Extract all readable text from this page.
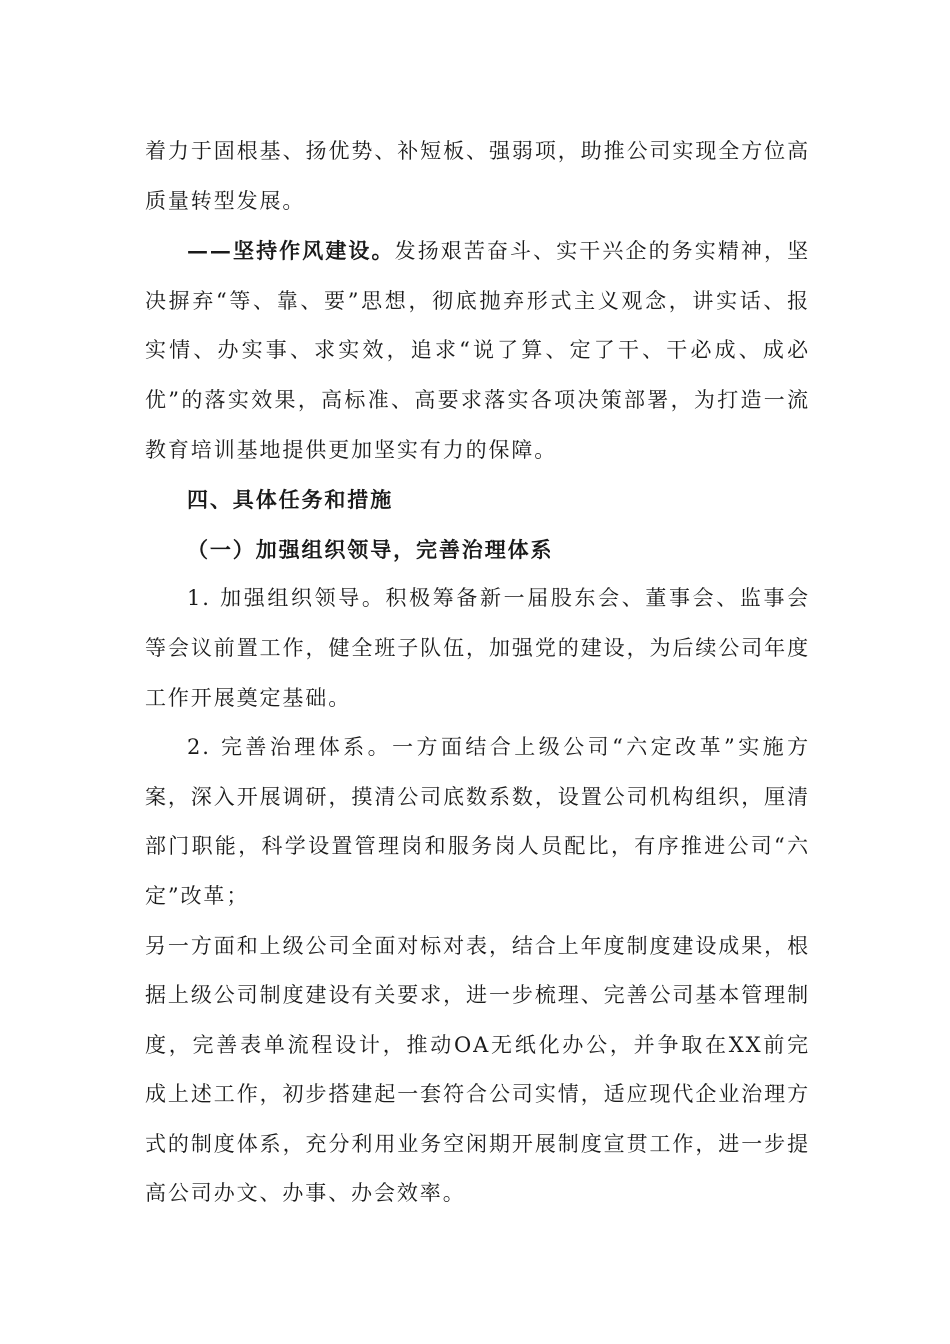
着力于固根基、扬优势、补短板、强弱项，助推公司实现全方位高质量转型发展。

——坚持作风建设。发扬艰苦奋斗、实干兴企的务实精神，坚决摒弃“等、靠、要”思想，彻底抛弃形式主义观念，讲实话、报实情、办实事、求实效，追求“说了算、定了干、干必成、成必优”的落实效果，高标准、高要求落实各项决策部署，为打造一流教育培训基地提供更加坚实有力的保障。

四、具体任务和措施

（一）加强组织领导，完善治理体系

1. 加强组织领导。积极筹备新一届股东会、董事会、监事会等会议前置工作，健全班子队伍，加强党的建设，为后续公司年度工作开展奠定基础。

2. 完善治理体系。一方面结合上级公司“六定改革”实施方案，深入开展调研，摸清公司底数系数，设置公司机构组织，厘清部门职能，科学设置管理岗和服务岗人员配比，有序推进公司“六定”改革；

另一方面和上级公司全面对标对表，结合上年度制度建设成果，根据上级公司制度建设有关要求，进一步梳理、完善公司基本管理制度，完善表单流程设计，推动OA无纸化办公，并争取在XX前完成上述工作，初步搭建起一套符合公司实情，适应现代企业治理方式的制度体系，充分利用业务空闲期开展制度宣贯工作，进一步提高公司办文、办事、办会效率。
